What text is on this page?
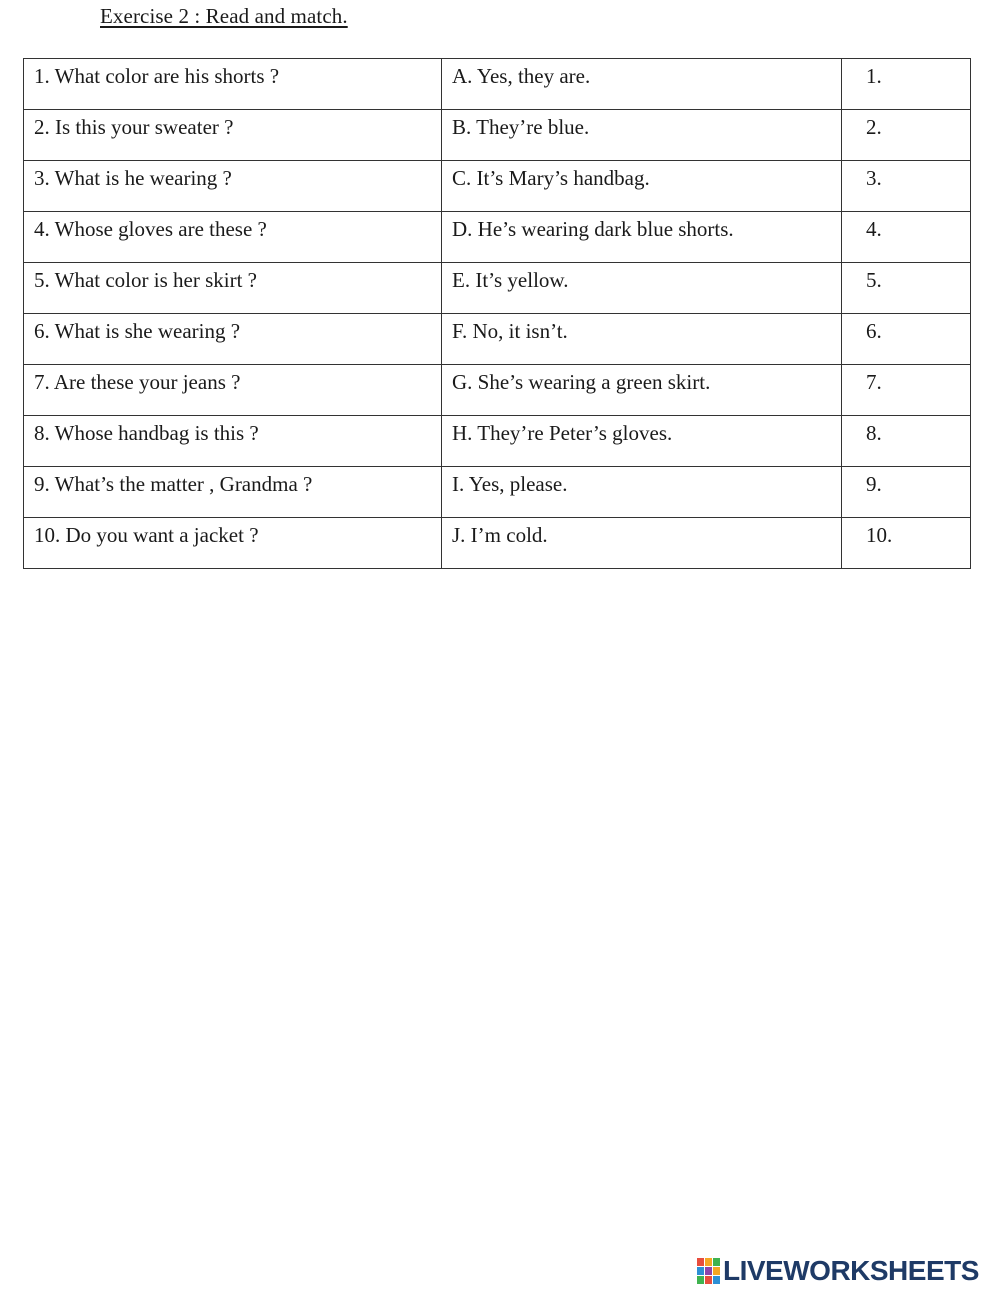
Exercise 2 : Read and match.
1. What color are his shorts ?	A. Yes, they are.	1.
2. Is this your sweater ?	B. They’re blue.	2.
3. What is he wearing ?	C. It’s Mary’s handbag.	3.
4. Whose gloves are these ?	D. He’s wearing dark blue shorts.	4.
5. What color is her skirt ?	E. It’s yellow.	5.
6. What is she wearing ?	F. No, it isn’t.	6.
7. Are these your jeans ?	G. She’s wearing a green skirt.	7.
8. Whose handbag is this ?	H. They’re Peter’s gloves.	8.
9. What’s the matter , Grandma ?	I. Yes, please.	9.
10. Do you want a jacket ?	J. I’m cold.	10.
LIVEWORKSHEETS
